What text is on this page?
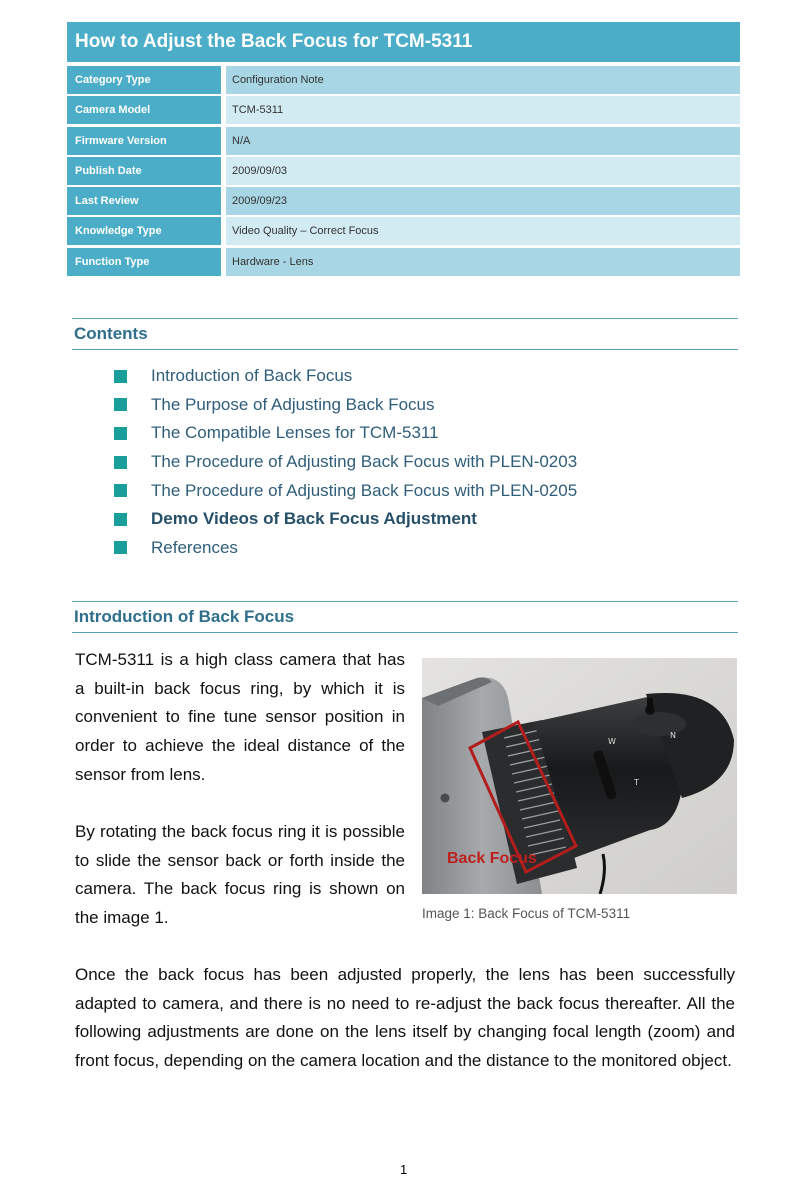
How to Adjust the Back Focus for TCM-5311
Category Type	Configuration Note
Camera Model	TCM-5311
Firmware Version	N/A
Publish Date	2009/09/03
Last Review	2009/09/23
Knowledge Type	Video Quality – Correct Focus
Function Type	Hardware - Lens
Contents
Introduction of Back Focus
The Purpose of Adjusting Back Focus
The Compatible Lenses for TCM-5311
The Procedure of Adjusting Back Focus with PLEN-0203
The Procedure of Adjusting Back Focus with PLEN-0205
Demo Videos of Back Focus Adjustment
References
Introduction of Back Focus

TCM-5311 is a high class camera that has a built-in back focus ring, by which it is convenient to fine tune sensor position in order to achieve the ideal distance of the sensor from lens.

By rotating the back focus ring it is possible to slide the sensor back or forth inside the camera. The back focus ring is shown on the image 1.

W
T
N
Back Focus
Image 1: Back Focus of TCM-5311

Once the back focus has been adjusted properly, the lens has been successfully adapted to camera, and there is no need to re-adjust the back focus thereafter. All the following adjustments are done on the lens itself by changing focal length (zoom) and front focus, depending on the camera location and the distance to the monitored object.

1
